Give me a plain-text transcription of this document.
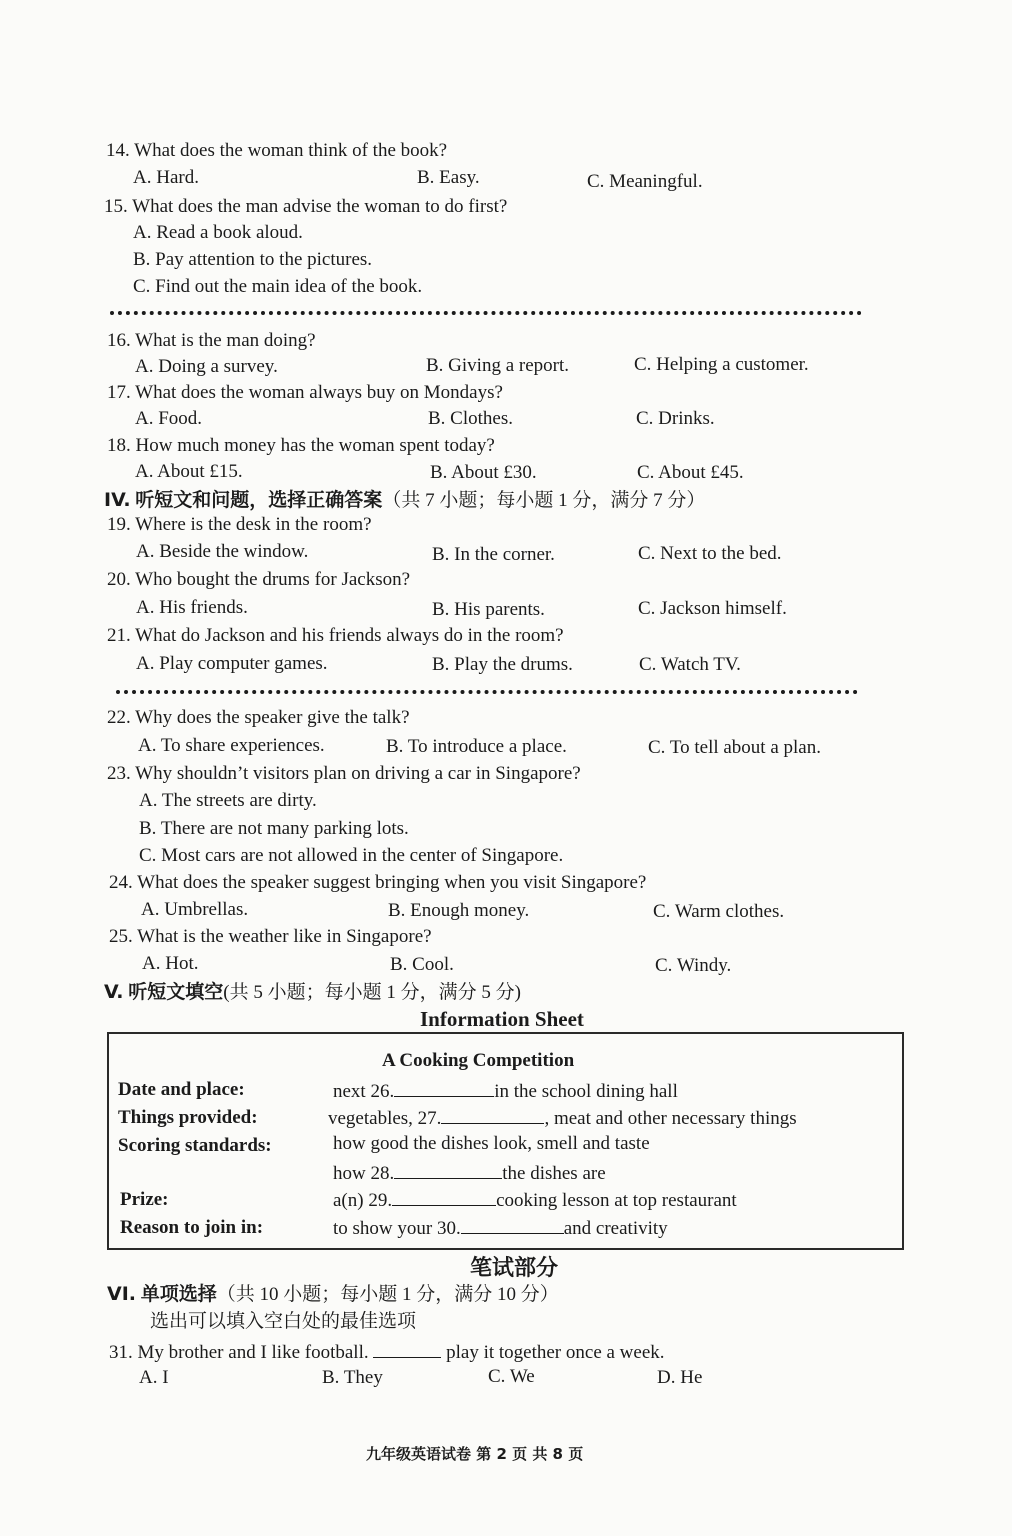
14. What does the woman think of the book?
A. Hard.	B. Easy.	C. Meaningful.
15. What does the man advise the woman to do first?
A. Read a book aloud.
B. Pay attention to the pictures.
C. Find out the main idea of the book.
16. What is the man doing?
A. Doing a survey.	B. Giving a report.	C. Helping a customer.
17. What does the woman always buy on Mondays?
A. Food.	B. Clothes.	C. Drinks.
18. How much money has the woman spent today?
A. About £15.	B. About £30.	C. About £45.
IV. 听短文和问题，选择正确答案（共 7 小题；每小题 1 分，满分 7 分）
19. Where is the desk in the room?
A. Beside the window.	B. In the corner.	C. Next to the bed.
20. Who bought the drums for Jackson?
A. His friends.	B. His parents.	C. Jackson himself.
21. What do Jackson and his friends always do in the room?
A. Play computer games.	B. Play the drums.	C. Watch TV.
22. Why does the speaker give the talk?
A. To share experiences.	B. To introduce a place.	C. To tell about a plan.
23. Why shouldn’t visitors plan on driving a car in Singapore?
A. The streets are dirty.
B. There are not many parking lots.
C. Most cars are not allowed in the center of Singapore.
24. What does the speaker suggest bringing when you visit Singapore?
A. Umbrellas.	B. Enough money.	C. Warm clothes.
25. What is the weather like in Singapore?
A. Hot.	B. Cool.	C. Windy.
V. 听短文填空(共 5 小题；每小题 1 分，满分 5 分)
Information Sheet
A Cooking Competition
Date and place:	next 26.	in the school dining hall
Things provided:	vegetables, 27.	, meat and other necessary things
Scoring standards:	how good the dishes look, smell and taste
how 28.	the dishes are
Prize:	a(n) 29.	cooking lesson at top restaurant
Reason to join in:	to show your 30.	and creativity
笔试部分
VI. 单项选择（共 10 小题；每小题 1 分，满分 10 分）
选出可以填入空白处的最佳选项
31. My brother and I like football.	play it together once a week.
A. I	B. They	C. We	D. He
九年级英语试卷 第 2 页 共 8 页
